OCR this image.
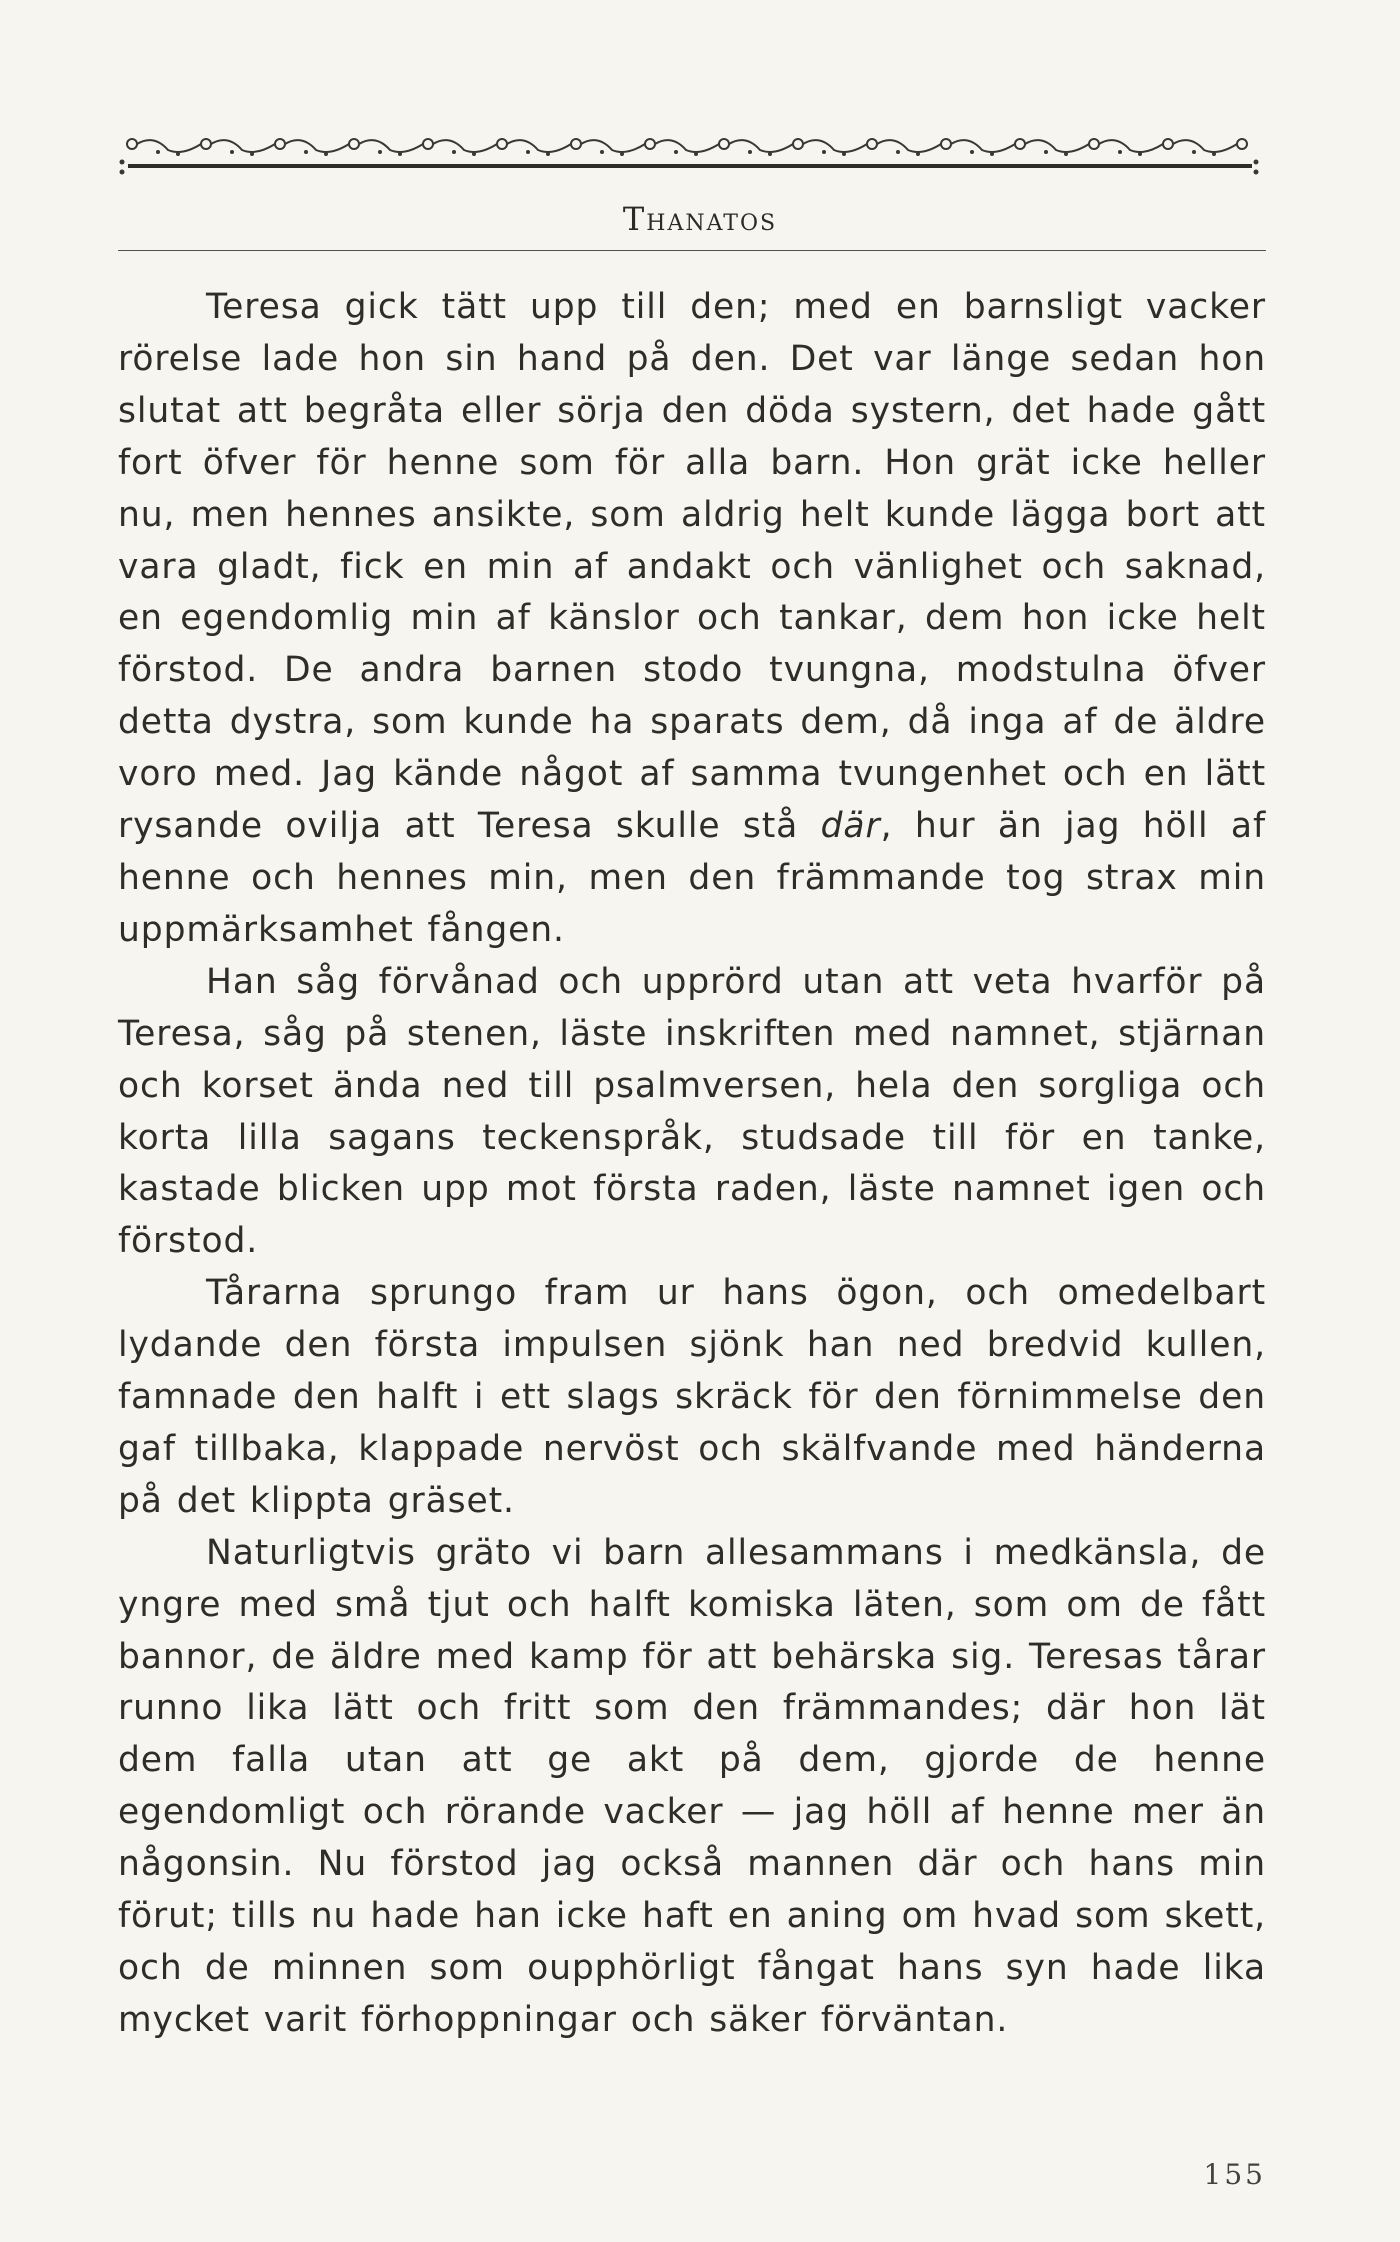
Thanatos

Teresa gick tätt upp till den; med en barnsligt vacker rörelse lade hon sin hand på den. Det var länge sedan hon slutat att begråta eller sörja den döda systern, det hade gått fort öfver för henne som för alla barn. Hon grät icke heller nu, men hennes ansikte, som aldrig helt kunde lägga bort att vara gladt, fick en min af andakt och vänlighet och saknad, en egendomlig min af känslor och tankar, dem hon icke helt förstod. De andra barnen stodo tvungna, modstulna öfver detta dystra, som kunde ha sparats dem, då inga af de äldre voro med. Jag kände något af samma tvungenhet och en lätt rysande ovilja att Teresa skulle stå där, hur än jag höll af henne och hennes min, men den främmande tog strax min uppmärksamhet fången.

Han såg förvånad och upprörd utan att veta hvarför på Teresa, såg på stenen, läste inskriften med namnet, stjärnan och korset ända ned till psalmversen, hela den sorgliga och korta lilla sagans teckenspråk, studsade till för en tanke, kastade blicken upp mot första raden, läste namnet igen och förstod.

Tårarna sprungo fram ur hans ögon, och omedelbart lydande den första impulsen sjönk han ned bredvid kullen, famnade den halft i ett slags skräck för den förnimmelse den gaf tillbaka, klappade nervöst och skälfvande med händerna på det klippta gräset.

Naturligtvis gräto vi barn allesammans i medkänsla, de yngre med små tjut och halft komiska läten, som om de fått bannor, de äldre med kamp för att behärska sig. Teresas tårar runno lika lätt och fritt som den främmandes; där hon lät dem falla utan att ge akt på dem, gjorde de henne egendomligt och rörande vacker — jag höll af henne mer än någonsin. Nu förstod jag också mannen där och hans min förut; tills nu hade han icke haft en aning om hvad som skett, och de minnen som oupphörligt fångat hans syn hade lika mycket varit förhoppningar och säker förväntan.

155
